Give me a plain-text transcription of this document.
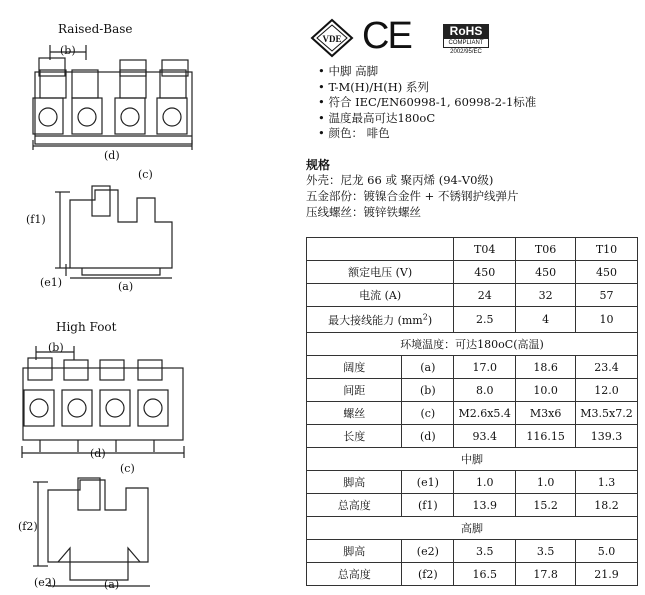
Raised-Base
(b)
(d)
(c)
(f1)
(e1)	(a)
High Foot
(b)
(d)
(c)
(f2)
(e2)	(a)
VDE CE	RoHS
COMPLIANT
2002/95/EC
• 中脚 高脚
• T-M(H)/H(H) 系列
• 符合 IEC/EN60998-1, 60998-2-1标准
• 温度最高可达180oC
• 颜色： 啡色
规格
外壳：尼龙 66 或 聚丙烯 (94-V0级)
五金部份：镀镍合金件 + 不锈钢护线弹片
压线螺丝：镀锌铁螺丝
		T04	T06	T10
额定电压 (V)		450	450	450
电流 (A)		24	32	57
最大接线能力 $(mm^2)$		2.5	4	10
环境温度：可达180oC(高温)				
阔度	(a)	17.0	18.6	23.4
间距	(b)	8.0	10.0	12.0
螺丝	(c)	M2.6x5.4	M3x6	M3.5x7.2
长度	(d)	93.4	116.15	139.3
中脚				
脚高	(e1)	1.0	1.0	1.3
总高度	(f1)	13.9	15.2	18.2
高脚				
脚高	(e2)	3.5	3.5	5.0
总高度	(f2)	16.5	17.8	21.9
